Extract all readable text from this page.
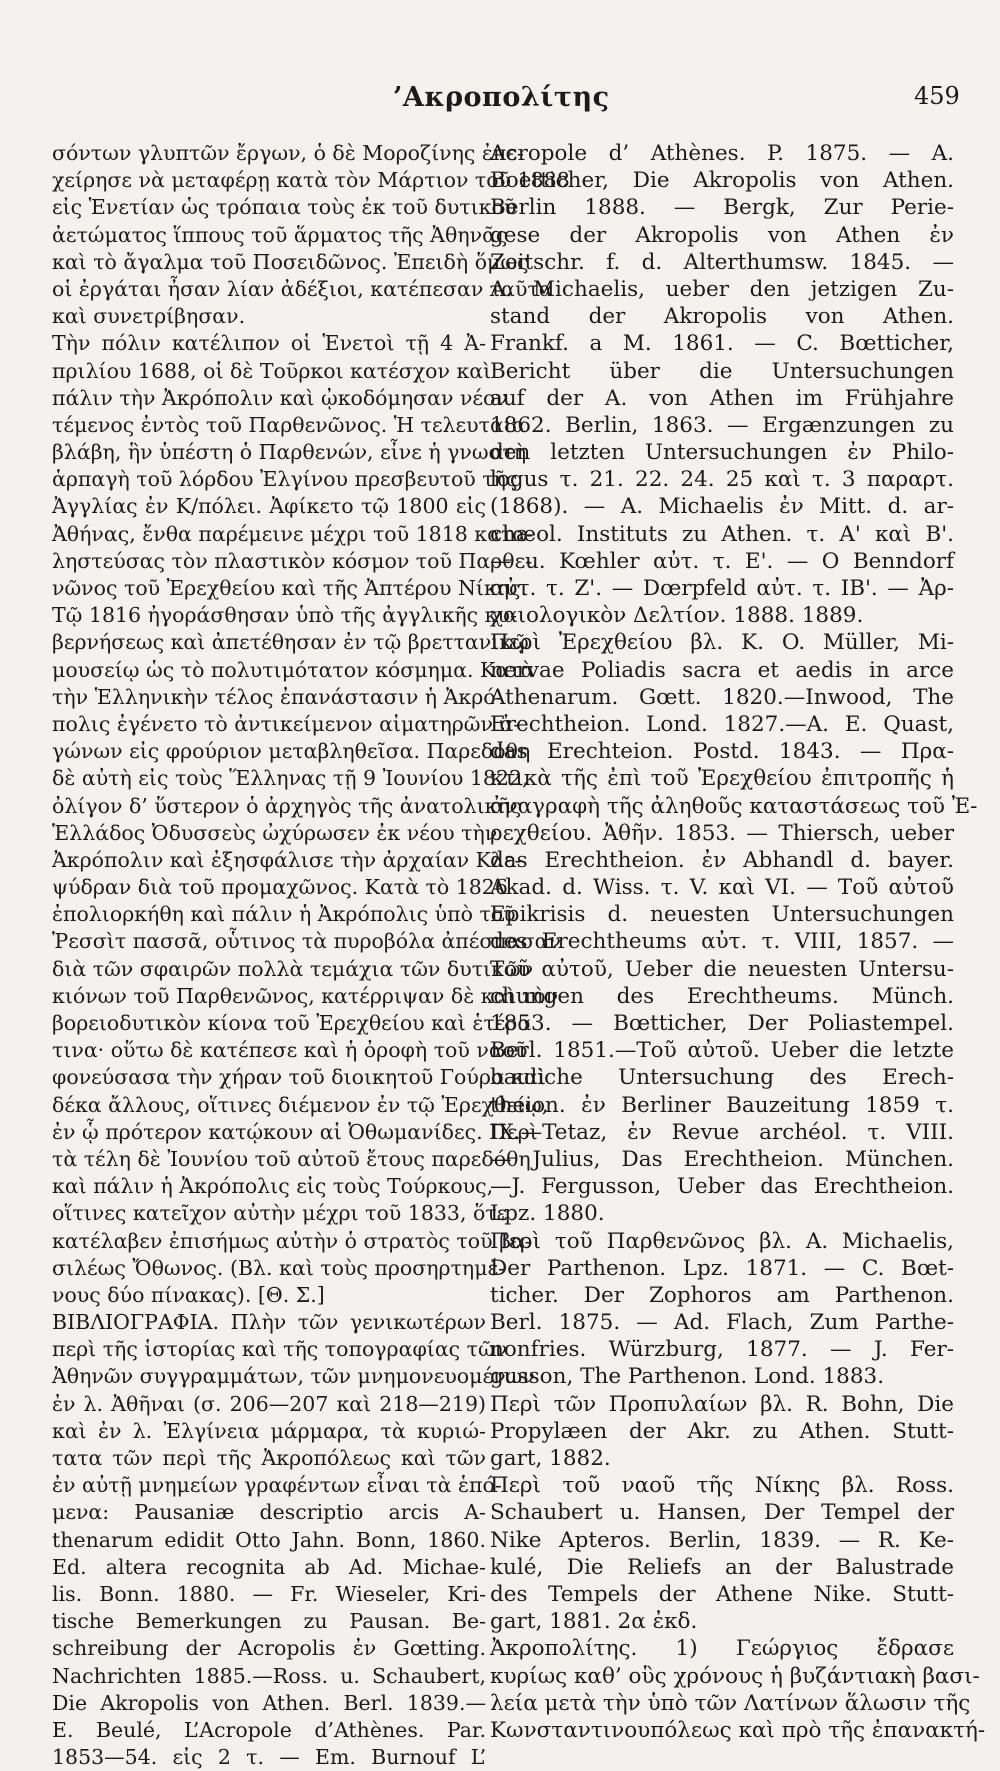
’Ακροπολίτης	459
σόντων γλυπτῶν ἔργων, ὁ δὲ Μοροζίνης ἐπε-
χείρησε νὰ μεταφέρῃ κατὰ τὸν Μάρτιον τοῦ 1888
εἰς Ἑνετίαν ὡς τρόπαια τοὺς ἐκ τοῦ δυτικοῦ
ἀετώματος ἵππους τοῦ ἅρματος τῆς Ἀθηνᾶς
καὶ τὸ ἄγαλμα τοῦ Ποσειδῶνος. Ἐπειδὴ ὅμως
οἱ ἐργάται ἦσαν λίαν ἀδέξιοι, κατέπεσαν ταῦτα
καὶ συνετρίβησαν.
Τὴν πόλιν κατέλιπον οἱ Ἑνετοὶ τῇ 4 Ἀ-
πριλίου 1688, οἱ δὲ Τοῦρκοι κατέσχον καὶ
πάλιν τὴν Ἀκρόπολιν καὶ ᾠκοδόμησαν νέον
τέμενος ἐντὸς τοῦ Παρθενῶνος. Ἡ τελευταία
βλάβη, ἣν ὑπέστη ὁ Παρθενών, εἶνε ἡ γνωστὴ
ἁρπαγὴ τοῦ λόρδου Ἐλγίνου πρεσβευτοῦ τῆς
Ἀγγλίας ἐν Κ/πόλει. Ἀφίκετο τῷ 1800 εἰς
Ἀθήνας, ἔνθα παρέμεινε μέχρι τοῦ 1818 κατα-
ληστεύσας τὸν πλαστικὸν κόσμον τοῦ Παρθε-
νῶνος τοῦ Ἐρεχθείου καὶ τῆς Ἀπτέρου Νίκης.
Τῷ 1816 ἠγοράσθησαν ὑπὸ τῆς ἀγγλικῆς κυ-
βερνήσεως καὶ ἀπετέθησαν ἐν τῷ βρεττανικῷ
μουσείῳ ὡς τὸ πολυτιμότατον κόσμημα. Κατὰ
τὴν Ἑλληνικὴν τέλος ἐπανάστασιν ἡ Ἀκρό-
πολις ἐγένετο τὸ ἀντικείμενον αἱματηρῶν ἀ-
γώνων εἰς φρούριον μεταβληθεῖσα. Παρεδόθη
δὲ αὐτὴ εἰς τοὺς Ἕλληνας τῇ 9 Ἰουνίου 1822,
ὀλίγον δ’ ὕστερον ὁ ἀρχηγὸς τῆς ἀνατολικῆς
Ἑλλάδος Ὀδυσσεὺς ὠχύρωσεν ἐκ νέου τὴν
Ἀκρόπολιν καὶ ἐξησφάλισε τὴν ἀρχαίαν Κλε-
ψύδραν διὰ τοῦ προμαχῶνος. Κατὰ τὸ 1826
ἐπολιορκήθη καὶ πάλιν ἡ Ἀκρόπολις ὑπὸ τοῦ
Ῥεσσὶτ πασσᾶ, οὗτινος τὰ πυροβόλα ἀπέσπασαν
διὰ τῶν σφαιρῶν πολλὰ τεμάχια τῶν δυτικῶν
κιόνων τοῦ Παρθενῶνος, κατέρριψαν δὲ καὶ τὸν
βορειοδυτικὸν κίονα τοῦ Ἐρεχθείου καὶ ἑτέρα
τινα· οὕτω δὲ κατέπεσε καὶ ἡ ὀροφὴ τοῦ ναοῦ
φονεύσασα τὴν χήραν τοῦ διοικητοῦ Γούρα καὶ
δέκα ἄλλους, οἵτινες διέμενον ἐν τῷ Ἐρεχθείῳ,
ἐν ᾧ πρότερον κατῴκουν αἱ Ὀθωμανίδες. Περὶ
τὰ τέλη δὲ Ἰουνίου τοῦ αὐτοῦ ἔτους παρεδόθη
καὶ πάλιν ἡ Ἀκρόπολις εἰς τοὺς Τούρκους,
οἵτινες κατεῖχον αὐτὴν μέχρι τοῦ 1833, ὅτε
κατέλαβεν ἐπισήμως αὐτὴν ὁ στρατὸς τοῦ βα-
σιλέως Ὄθωνος. (Βλ. καὶ τοὺς προσηρτημέ-
νους δύο πίνακας). [Θ. Σ.]
ΒΙΒΛΙΟΓΡΑΦΙΑ. Πλὴν τῶν γενικωτέρων
περὶ τῆς ἱστορίας καὶ τῆς τοπογραφίας τῶν
Ἀθηνῶν συγγραμμάτων, τῶν μνημονευομένων
ἐν λ. Ἀθῆναι (σ. 206—207 καὶ 218—219)
καὶ ἐν λ. Ἐλγίνεια μάρμαρα, τὰ κυριώ-
τατα τῶν περὶ τῆς Ἀκροπόλεως καὶ τῶν
ἐν αὐτῇ μνημείων γραφέντων εἶναι τὰ ἑπό-
μενα: Pausaniæ descriptio arcis A-
thenarum edidit Otto Jahn. Bonn, 1860.
Ed. altera recognita ab Ad. Michae-
lis. Bonn. 1880. — Fr. Wieseler, Kri-
tische Bemerkungen zu Pausan. Be-
schreibung der Acropolis ἐν Gœtting.
Nachrichten 1885.—Ross. u. Schaubert,
Die Akropolis von Athen. Berl. 1839.—
E. Beulé, L’Acropole d’Athènes. Par.
1853—54. εἰς 2 τ. — Em. Burnouf L’
Acropole d’ Athènes. P. 1875. — A.
Boetticher, Die Akropolis von Athen.
Berlin 1888. — Bergk, Zur Perie-
gese der Akropolis von Athen ἐν
Zeitschr. f. d. Alterthumsw. 1845. —
A. Michaelis, ueber den jetzigen Zu-
stand der Akropolis von Athen.
Frankf. a M. 1861. — C. Bœtticher,
Bericht über die Untersuchungen
auf der A. von Athen im Frühjahre
1862. Berlin, 1863. — Ergænzungen zu
den letzten Untersuchungen ἐν Philo-
logus τ. 21. 22. 24. 25 καὶ τ. 3 παραρτ.
(1868). — A. Michaelis ἐν Mitt. d. ar-
chæol. Instituts zu Athen. τ. Α' καὶ Β'.
— u. Kœhler αὐτ. τ. Ε'. — O Benndorf
αὐτ. τ. Ζ'. — Dœrpfeld αὐτ. τ. ΙΒ'. — Ἀρ-
χαιολογικὸν Δελτίον. 1888. 1889.
Περὶ Ἐρεχθείου βλ. K. O. Müller, Mi-
nervae Poliadis sacra et aedis in arce
Athenarum. Gœtt. 1820.—Inwood, The
Erechtheion. Lond. 1827.—A. E. Quast,
das Erechteion. Postd. 1843. — Πρα-
κτικὰ τῆς ἐπὶ τοῦ Ἐρεχθείου ἐπιτροπῆς ἡ
ἀναγραφὴ τῆς ἀληθοῦς καταστάσεως τοῦ Ἐ-
ρεχθείου. Ἀθῆν. 1853. — Thiersch, ueber
das Erechtheion. ἐν Abhandl d. bayer.
Akad. d. Wiss. τ. V. καὶ VI. — Τοῦ αὐτοῦ
Epikrisis d. neuesten Untersuchungen
des Erechtheums αὐτ. τ. VIII, 1857. —
Τοῦ αὐτοῦ, Ueber die neuesten Untersu-
chungen des Erechtheums. Münch.
1853. — Bœtticher, Der Poliastempel.
Berl. 1851.—Τοῦ αὐτοῦ. Ueber die letzte
bauliche Untersuchung des Erech-
theion. ἐν Berliner Bauzeitung 1859 τ.
IX.—Tetaz, ἐν Revue archéol. τ. VIII.
— Julius, Das Erechtheion. München.
—J. Fergusson, Ueber das Erechtheion.
Lpz. 1880.
Περὶ τοῦ Παρθενῶνος βλ. A. Michaelis,
Der Parthenon. Lpz. 1871. — C. Bœt-
ticher. Der Zophoros am Parthenon.
Berl. 1875. — Ad. Flach, Zum Parthe-
nonfries. Würzburg, 1877. — J. Fer-
gusson, The Parthenon. Lond. 1883.
Περὶ τῶν Προπυλαίων βλ. R. Bohn, Die
Propylæen der Akr. zu Athen. Stutt-
gart, 1882.
Περὶ τοῦ ναοῦ τῆς Νίκης βλ. Ross.
Schaubert u. Hansen, Der Tempel der
Nike Apteros. Berlin, 1839. — R. Ke-
kulé, Die Reliefs an der Balustrade
des Tempels der Athene Nike. Stutt-
gart, 1881. 2α ἐκδ.
Ἀκροπολίτης. 1) Γεώργιος ἔδρασε
κυρίως καθ’ οὓς χρόνους ἡ βυζάντιακὴ βασι-
λεία μετὰ τὴν ὑπὸ τῶν Λατίνων ἅλωσιν τῆς
Κωνσταντινουπόλεως καὶ πρὸ τῆς ἐπανακτή-
